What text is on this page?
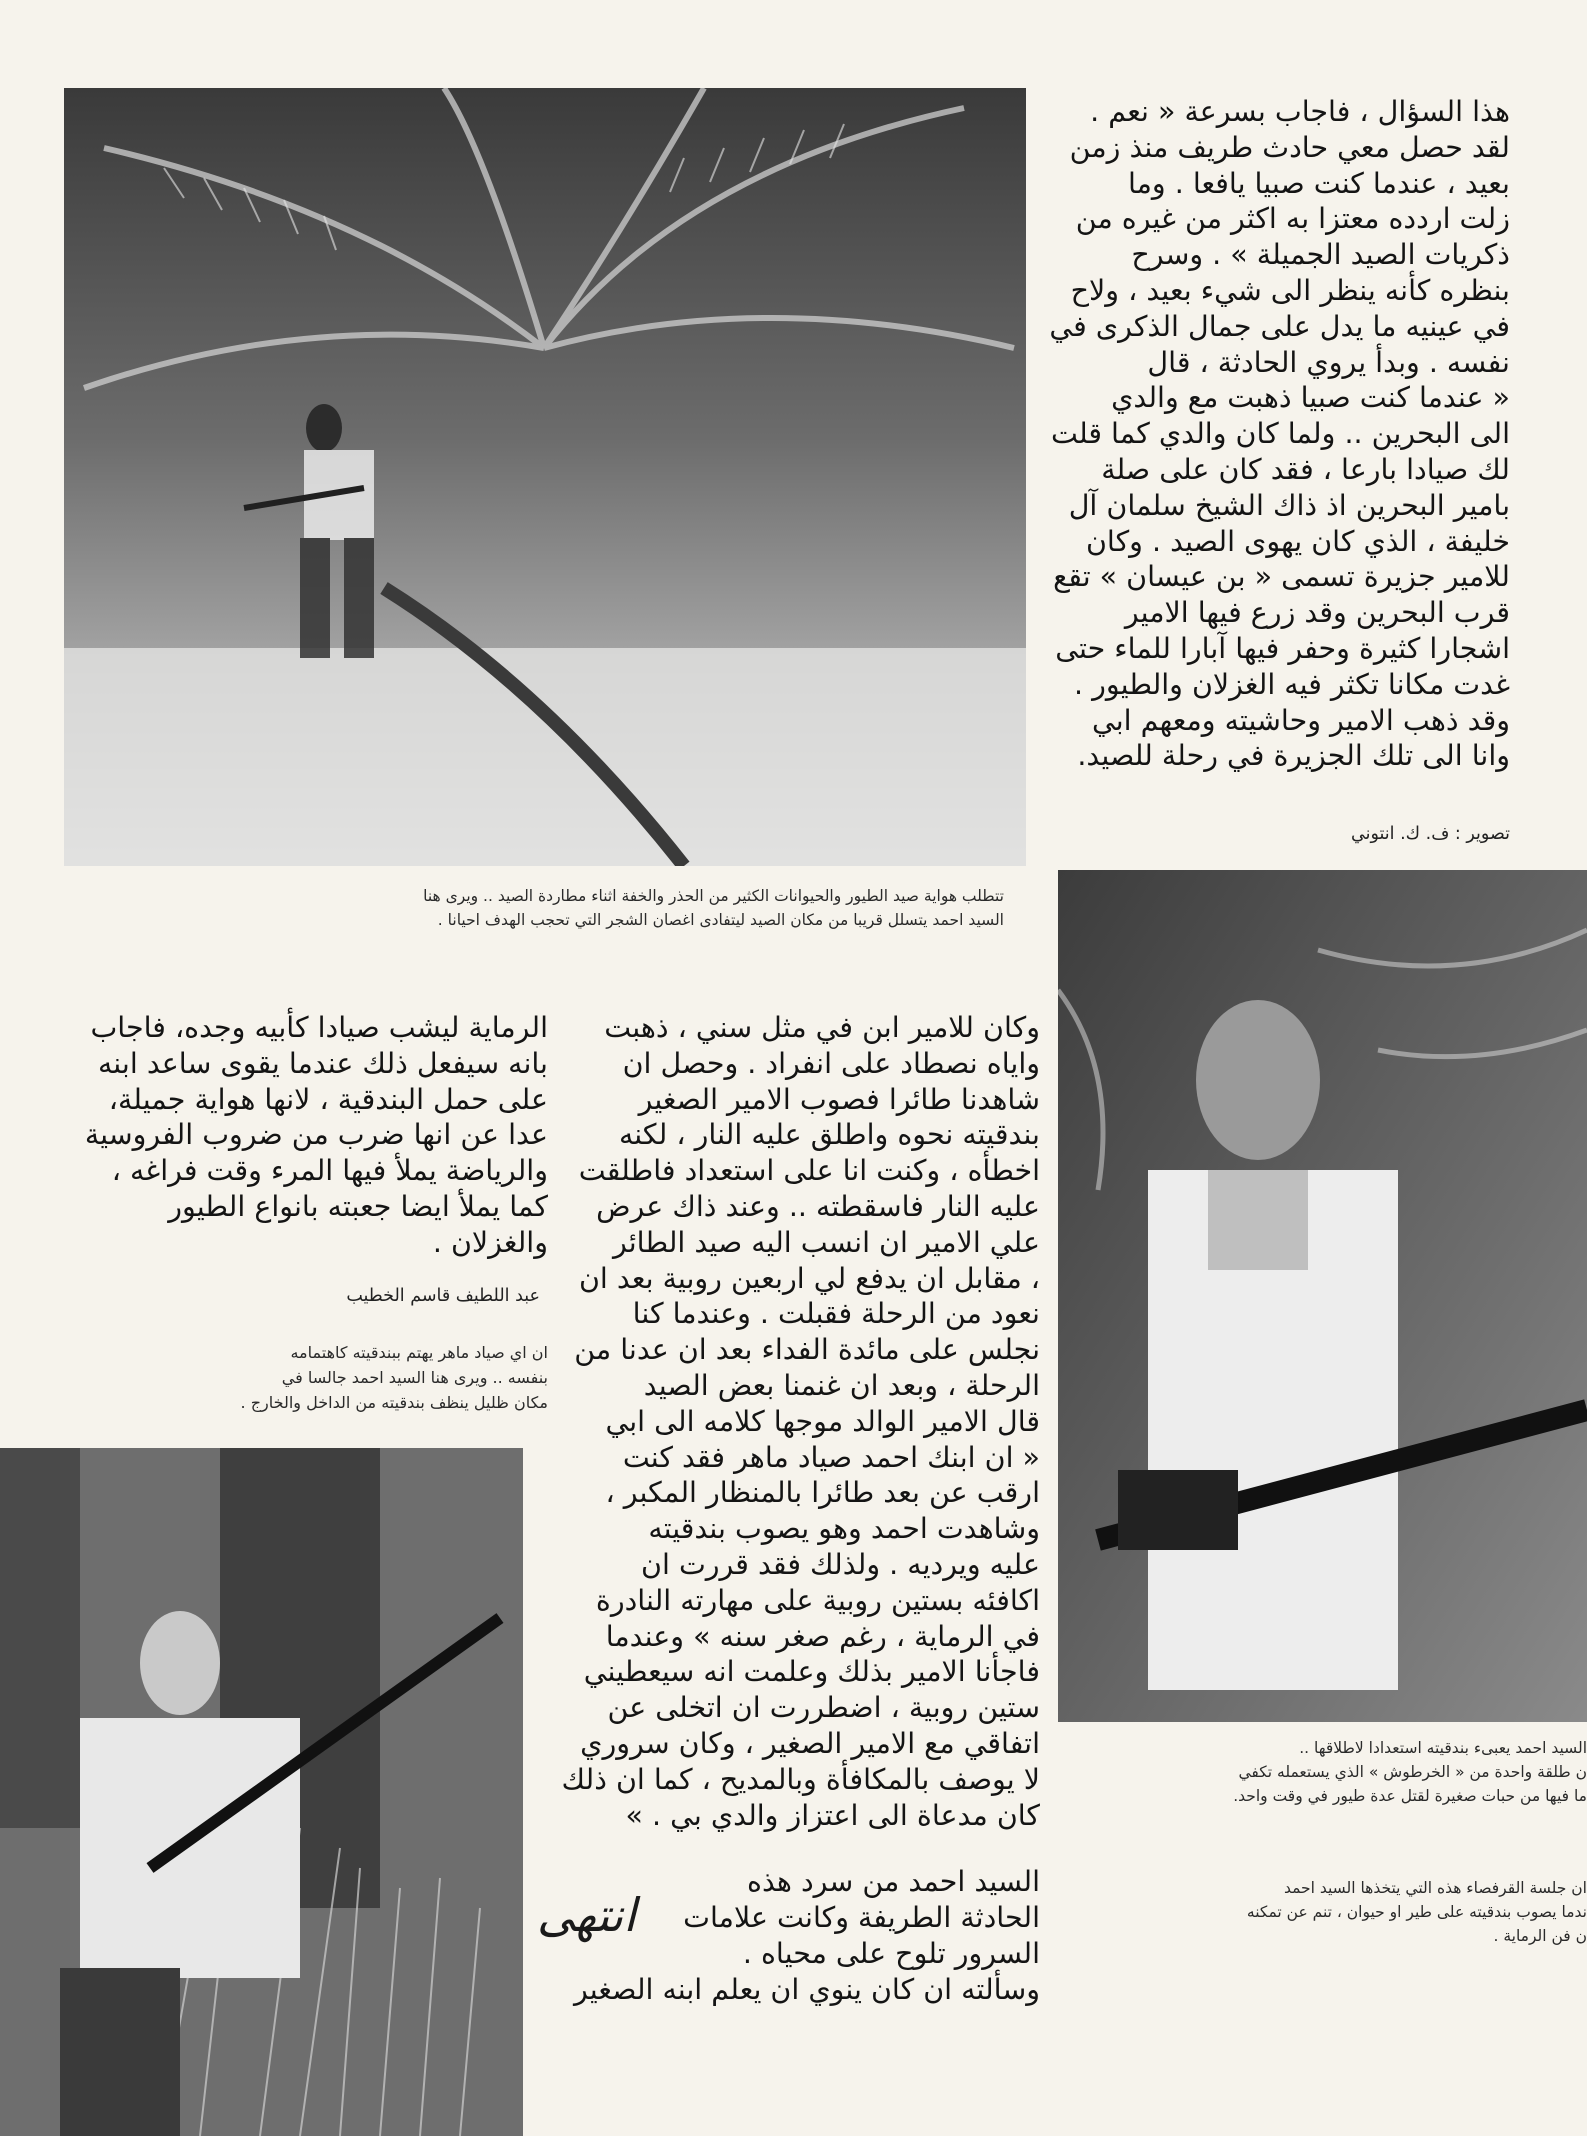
هذا السؤال ، فاجاب بسرعة « نعم .
لقد حصل معي حادث طريف منذ زمن
بعيد ، عندما كنت صبيا يافعا . وما
زلت اردده معتزا به اكثر من غيره من
ذكريات الصيد الجميلة » . وسرح
بنظره كأنه ينظر الى شيء بعيد ، ولاح
في عينيه ما يدل على جمال الذكرى في
نفسه . وبدأ يروي الحادثة ، قال
« عندما كنت صبيا ذهبت مع والدي
الى البحرين .. ولما كان والدي كما قلت
لك صيادا بارعا ، فقد كان على صلة
بامير البحرين اذ ذاك الشيخ سلمان آل
خليفة ، الذي كان يهوى الصيد . وكان
للامير جزيرة تسمى « بن عيسان » تقع
قرب البحرين وقد زرع فيها الامير
اشجارا كثيرة وحفر فيها آبارا للماء حتى
غدت مكانا تكثر فيه الغزلان والطيور .
وقد ذهب الامير وحاشيته ومعهم ابي
وانا الى تلك الجزيرة في رحلة للصيد.

تصوير : ف. ك. انتوني

تتطلب هواية صيد الطيور والحيوانات الكثير من الحذر والخفة اثناء مطاردة الصيد .. ويرى هنا
السيد احمد يتسلل قريبا من مكان الصيد ليتفادى اغصان الشجر التي تحجب الهدف احيانا .

الرماية ليشب صيادا كأبيه وجده، فاجاب
بانه سيفعل ذلك عندما يقوى ساعد ابنه
على حمل البندقية ، لانها هواية جميلة،
عدا عن انها ضرب من ضروب الفروسية
والرياضة يملأ فيها المرء وقت فراغه ،
كما يملأ ايضا جعبته بانواع الطيور
والغزلان .

عبد اللطيف قاسم الخطيب

ان اي صياد ماهر يهتم ببندقيته كاهتمامه
بنفسه .. ويرى هنا السيد احمد جالسا في
مكان ظليل ينظف بندقيته من الداخل والخارج .

وكان للامير ابن في مثل سني ، ذهبت
واياه نصطاد على انفراد . وحصل ان
شاهدنا طائرا فصوب الامير الصغير
بندقيته نحوه واطلق عليه النار ، لكنه
اخطأه ، وكنت انا على استعداد فاطلقت
عليه النار فاسقطته .. وعند ذاك عرض
علي الامير ان انسب اليه صيد الطائر
، مقابل ان يدفع لي اربعين روبية بعد ان
نعود من الرحلة فقبلت . وعندما كنا
نجلس على مائدة الفداء بعد ان عدنا من
الرحلة ، وبعد ان غنمنا بعض الصيد
قال الامير الوالد موجها كلامه الى ابي
« ان ابنك احمد صياد ماهر فقد كنت
ارقب عن بعد طائرا بالمنظار المكبر ،
وشاهدت احمد وهو يصوب بندقيته
عليه ويرديه . ولذلك فقد قررت ان
اكافئه بستين روبية على مهارته النادرة
في الرماية ، رغم صغر سنه » وعندما
فاجأنا الامير بذلك وعلمت انه سيعطيني
ستين روبية ، اضطررت ان اتخلى عن
اتفاقي مع الامير الصغير ، وكان سروري
لا يوصف بالمكافأة وبالمديح ، كما ان ذلك
كان مدعاة الى اعتزاز والدي بي . »

السيد احمد من سرد هذه
الحادثة الطريفة وكانت علامات
السرور تلوح على محياه .

انتهى

وسألته ان كان ينوي ان يعلم ابنه الصغير

السيد احمد يعبىء بندقيته استعدادا لاطلاقها ..
ن طلقة واحدة من « الخرطوش » الذي يستعمله تكفي
ما فيها من حبات صغيرة لقتل عدة طيور في وقت واحد.

ان جلسة القرفصاء هذه التي يتخذها السيد احمد
ندما يصوب بندقيته على طير او حيوان ، تنم عن تمكنه
ن فن الرماية .
